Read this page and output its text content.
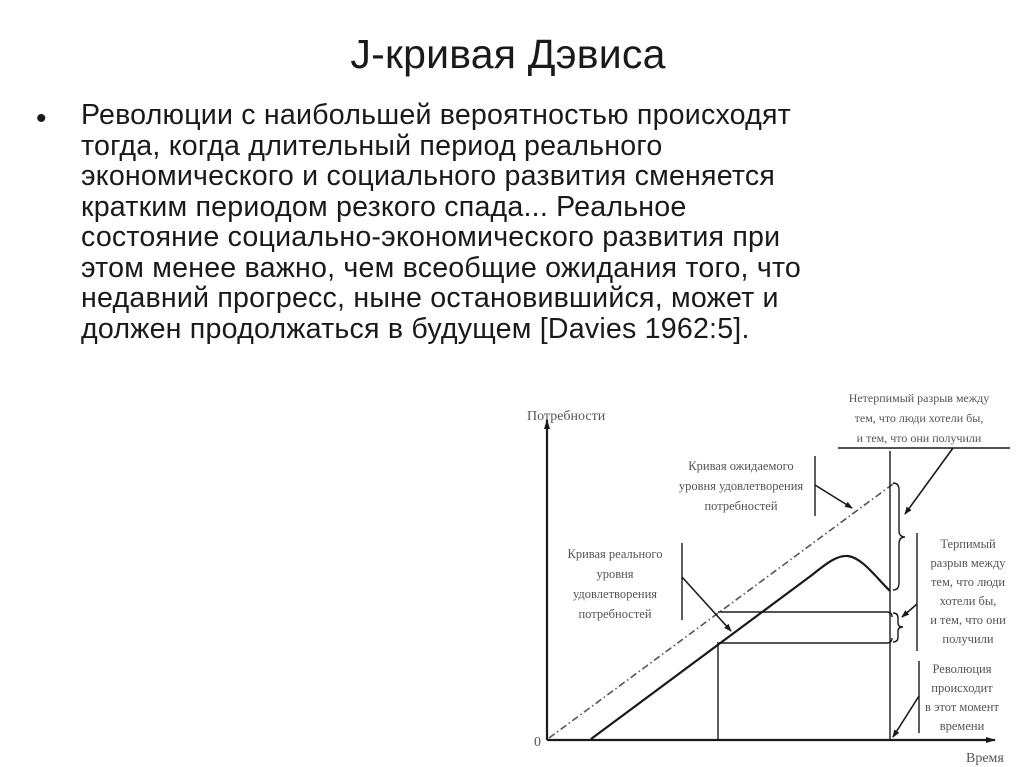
J-кривая Дэвиса
• Революции с наибольшей вероятностью происходят
тогда, когда длительный период реального
экономического и социального развития сменяется
кратким периодом резкого спада... Реальное
состояние социально-экономического развития при
этом менее важно, чем всеобщие ожидания того, что
недавний прогресс, ныне остановившийся, может и
должен продолжаться в будущем [Davies 1962:5].
Потребности
Время
0
Кривая ожидаемого
уровня удовлетворения
потребностей
Кривая реального
уровня
удовлетворения
потребностей
Нетерпимый разрыв между
тем, что люди хотели бы,
и тем, что они получили
Терпимый
разрыв между
тем, что люди
хотели бы,
и тем, что они
получили
Революция
происходит
в этот момент
времени
